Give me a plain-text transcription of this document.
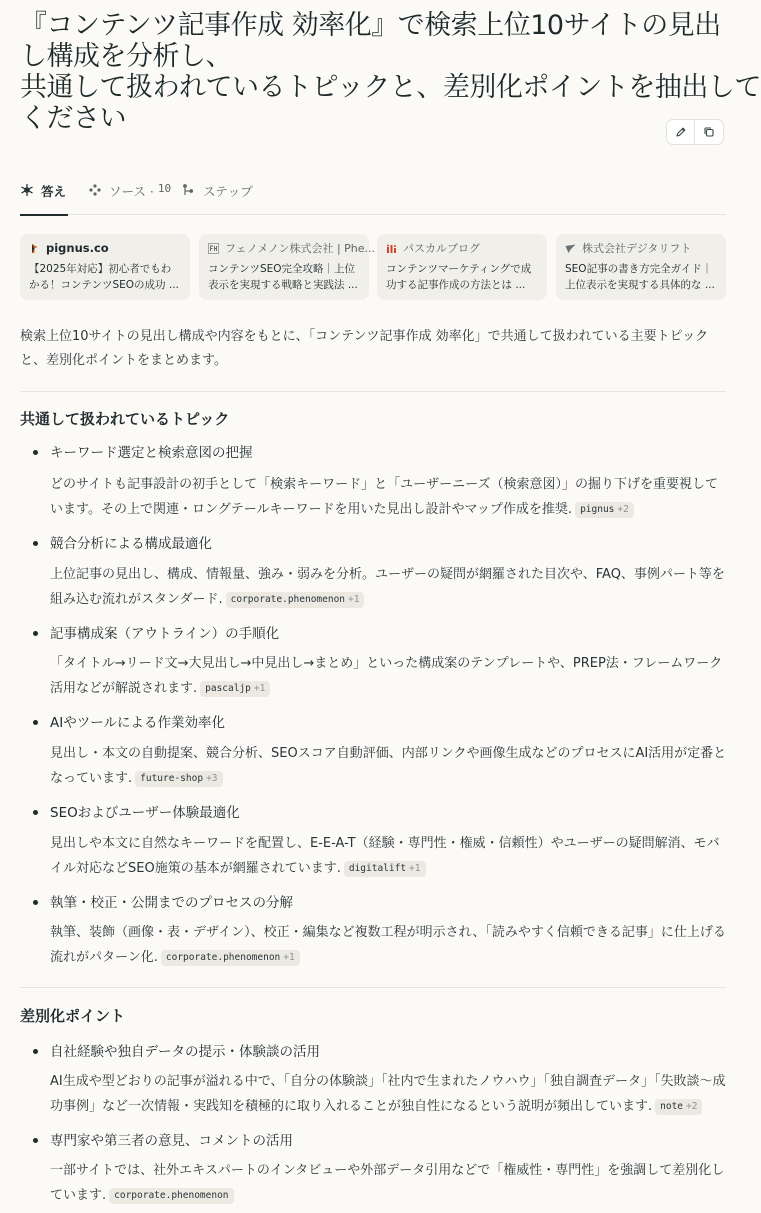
『コンテンツ記事作成 効率化』で検索上位10サイトの見出
し構成を分析し、
共通して扱われているトピックと、差別化ポイントを抽出して
ください
答え	ソース · 10	ステップ
pignus.co
【2025年対応】初心者でもわかる！コンテンツSEOの成功 ...
フェノメノン株式会社 | Phe...
コンテンツSEO完全攻略｜上位表示を実現する戦略と実践法 ...
パスカルブログ
コンテンツマーケティングで成功する記事作成の方法とは ...
株式会社デジタリフト
SEO記事の書き方完全ガイド｜上位表示を実現する具体的な ...

検索上位10サイトの見出し構成や内容をもとに、「コンテンツ記事作成 効率化」で共通して扱われている主要トピックと、差別化ポイントをまとめます。

共通して扱われているトピック
キーワード選定と検索意図の把握
どのサイトも記事設計の初手として「検索キーワード」と「ユーザーニーズ（検索意図）」の掘り下げを重要視しています。その上で関連・ロングテールキーワードを用いた見出し設計やマップ作成を推奨. pignus +2
競合分析による構成最適化
上位記事の見出し、構成、情報量、強み・弱みを分析。ユーザーの疑問が網羅された目次や、FAQ、事例パート等を組み込む流れがスタンダード. corporate.phenomenon +1
記事構成案（アウトライン）の手順化
「タイトル→リード文→大見出し→中見出し→まとめ」といった構成案のテンプレートや、PREP法・フレームワーク活用などが解説されます. pascaljp +1
AIやツールによる作業効率化
見出し・本文の自動提案、競合分析、SEOスコア自動評価、内部リンクや画像生成などのプロセスにAI活用が定番となっています. future-shop +3
SEOおよびユーザー体験最適化
見出しや本文に自然なキーワードを配置し、E-E-A-T（経験・専門性・権威・信頼性）やユーザーの疑問解消、モバイル対応などSEO施策の基本が網羅されています. digitalift +1
執筆・校正・公開までのプロセスの分解
執筆、装飾（画像・表・デザイン）、校正・編集など複数工程が明示され、「読みやすく信頼できる記事」に仕上げる流れがパターン化. corporate.phenomenon +1
差別化ポイント
自社経験や独自データの提示・体験談の活用
AI生成や型どおりの記事が溢れる中で、「自分の体験談」「社内で生まれたノウハウ」「独自調査データ」「失敗談〜成功事例」など一次情報・実践知を積極的に取り入れることが独自性になるという説明が頻出しています. note +2
専門家や第三者の意見、コメントの活用
一部サイトでは、社外エキスパートのインタビューや外部データ引用などで「権威性・専門性」を強調して差別化しています. corporate.phenomenon
